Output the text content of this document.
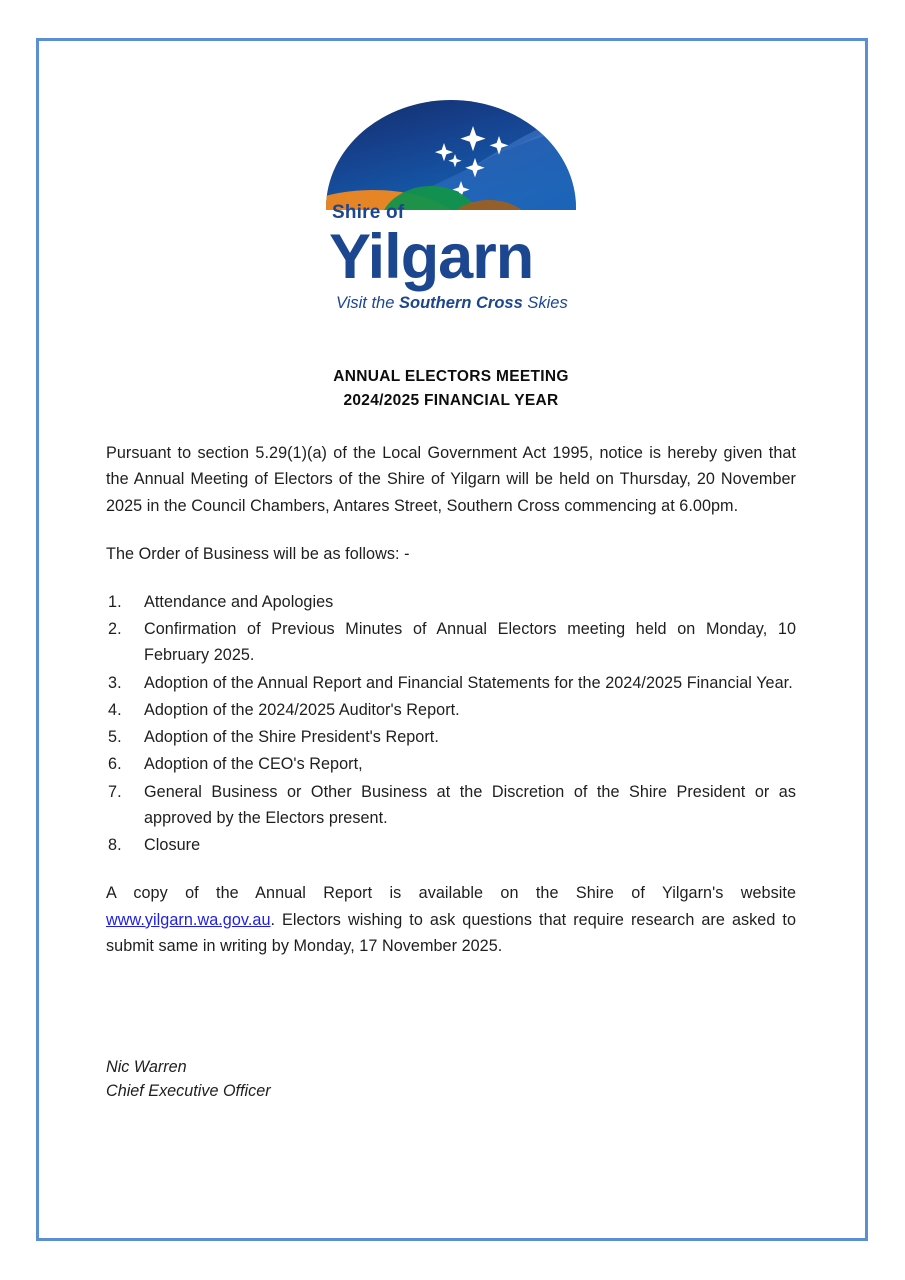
Shire of
Yilgarn
Visit the Southern Cross Skies
ANNUAL ELECTORS MEETING
2024/2025 FINANCIAL YEAR

Pursuant to section 5.29(1)(a) of the Local Government Act 1995, notice is hereby given that the Annual Meeting of Electors of the Shire of Yilgarn will be held on Thursday, 20 November 2025 in the Council Chambers, Antares Street, Southern Cross commencing at 6.00pm.

The Order of Business will be as follows: -

Attendance and Apologies
Confirmation of Previous Minutes of Annual Electors meeting held on Monday, 10 February 2025.
Adoption of the Annual Report and Financial Statements for the 2024/2025 Financial Year.
Adoption of the 2024/2025 Auditor's Report.
Adoption of the Shire President's Report.
Adoption of the CEO's Report,
General Business or Other Business at the Discretion of the Shire President or as approved by the Electors present.
Closure

A copy of the Annual Report is available on the Shire of Yilgarn's website www.yilgarn.wa.gov.au. Electors wishing to ask questions that require research are asked to submit same in writing by Monday, 17 November 2025.

Nic Warren
Chief Executive Officer
